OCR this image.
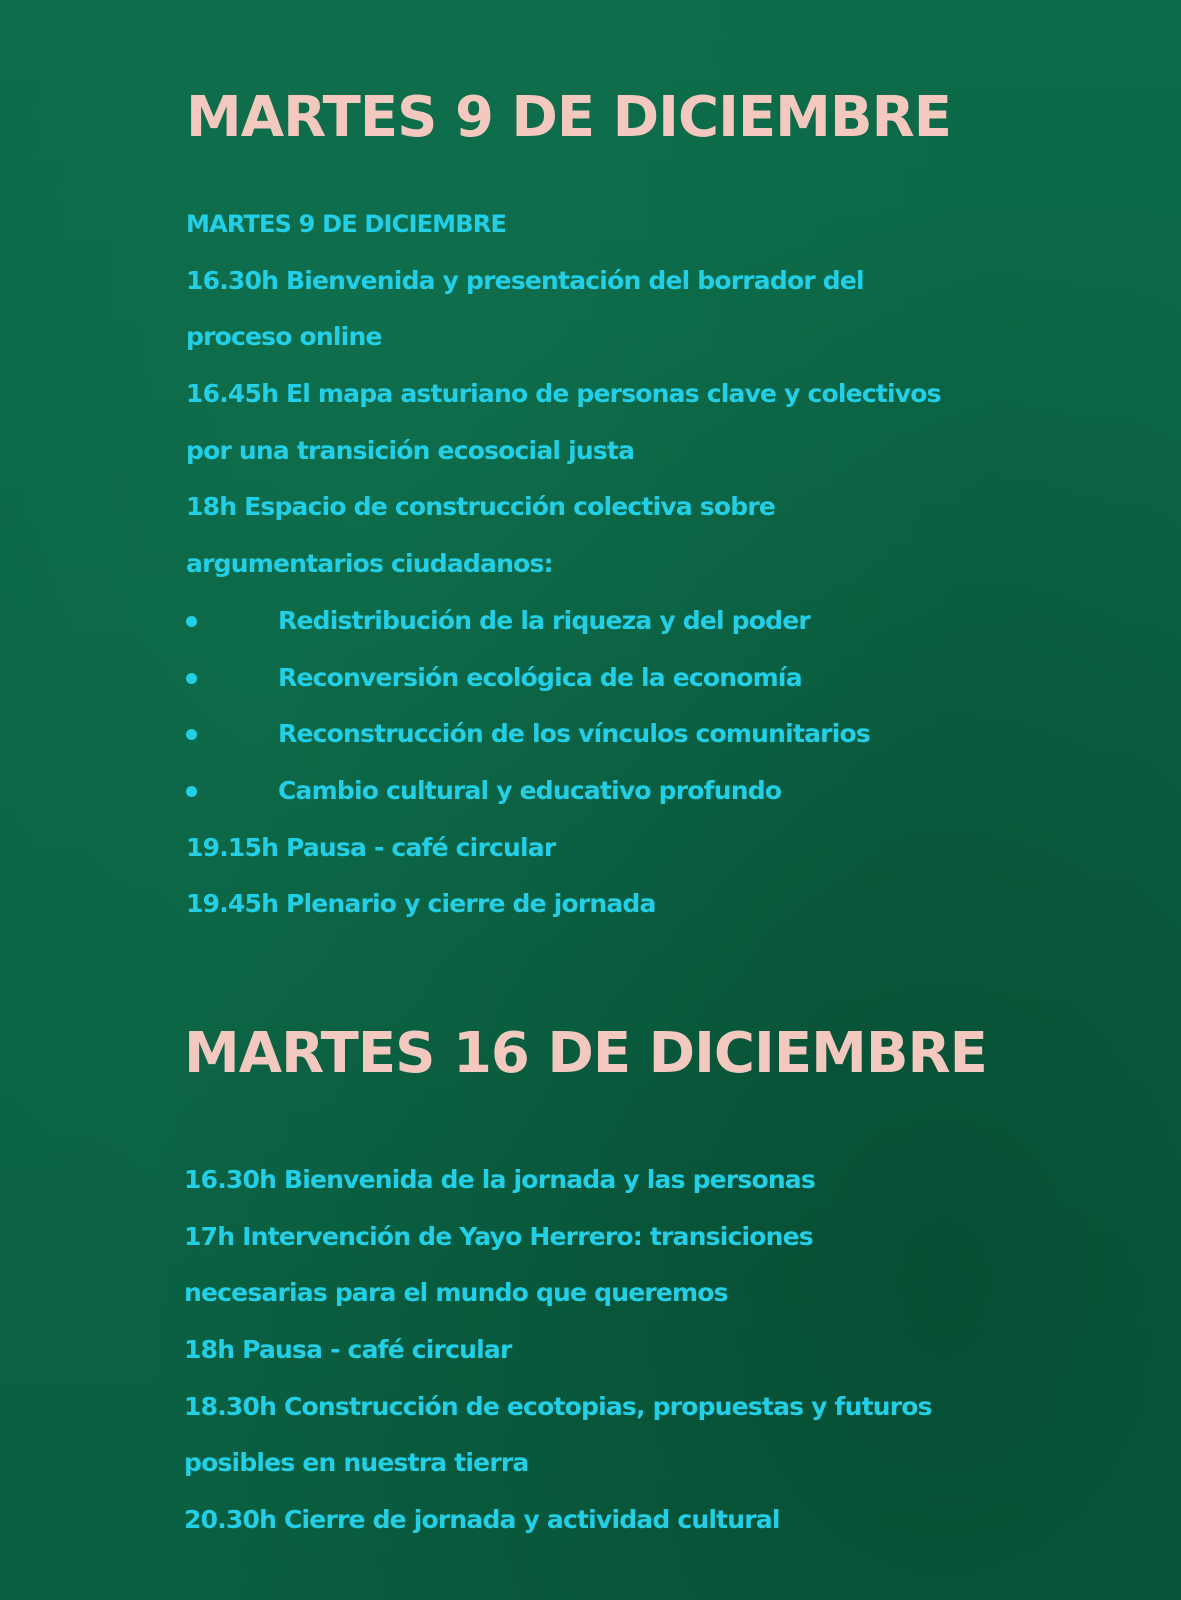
MARTES 9 DE DICIEMBRE
MARTES 9 DE DICIEMBRE
16.30h Bienvenida y presentación del borrador del
proceso online
16.45h El mapa asturiano de personas clave y colectivos
por una transición ecosocial justa
18h Espacio de construcción colectiva sobre
argumentarios ciudadanos:
Redistribución de la riqueza y del poder
Reconversión ecológica de la economía
Reconstrucción de los vínculos comunitarios
Cambio cultural y educativo profundo
19.15h Pausa - café circular
19.45h Plenario y cierre de jornada
MARTES 16 DE DICIEMBRE
16.30h Bienvenida de la jornada y las personas
17h Intervención de Yayo Herrero: transiciones
necesarias para el mundo que queremos
18h Pausa - café circular
18.30h Construcción de ecotopias, propuestas y futuros
posibles en nuestra tierra
20.30h Cierre de jornada y actividad cultural
